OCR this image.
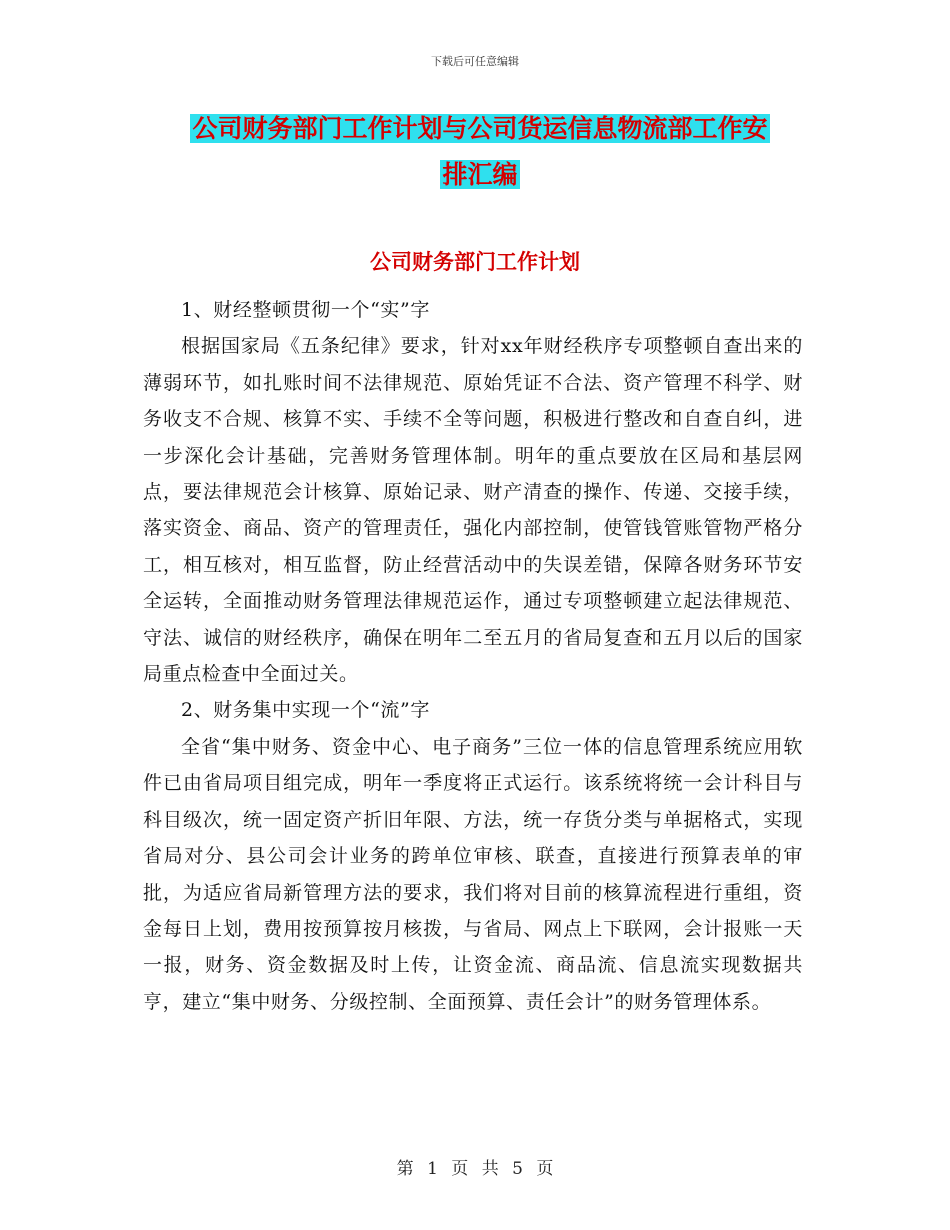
下载后可任意编辑
公司财务部门工作计划与公司货运信息物流部工作安
排汇编
公司财务部门工作计划

1、财经整顿贯彻一个“实”字

根据国家局《五条纪律》要求，针对xx年财经秩序专项整顿自查出来的薄弱环节，如扎账时间不法律规范、原始凭证不合法、资产管理不科学、财务收支不合规、核算不实、手续不全等问题，积极进行整改和自查自纠，进一步深化会计基础，完善财务管理体制。明年的重点要放在区局和基层网点，要法律规范会计核算、原始记录、财产清查的操作、传递、交接手续，落实资金、商品、资产的管理责任，强化内部控制，使管钱管账管物严格分工，相互核对，相互监督，防止经营活动中的失误差错，保障各财务环节安全运转，全面推动财务管理法律规范运作，通过专项整顿建立起法律规范、守法、诚信的财经秩序，确保在明年二至五月的省局复查和五月以后的国家局重点检查中全面过关。

2、财务集中实现一个“流”字

全省“集中财务、资金中心、电子商务”三位一体的信息管理系统应用软件已由省局项目组完成，明年一季度将正式运行。该系统将统一会计科目与科目级次，统一固定资产折旧年限、方法，统一存货分类与单据格式，实现省局对分、县公司会计业务的跨单位审核、联查，直接进行预算表单的审批，为适应省局新管理方法的要求，我们将对目前的核算流程进行重组，资金每日上划，费用按预算按月核拨，与省局、网点上下联网，会计报账一天一报，财务、资金数据及时上传，让资金流、商品流、信息流实现数据共亨，建立“集中财务、分级控制、全面预算、责任会计”的财务管理体系。

第 1 页 共 5 页
